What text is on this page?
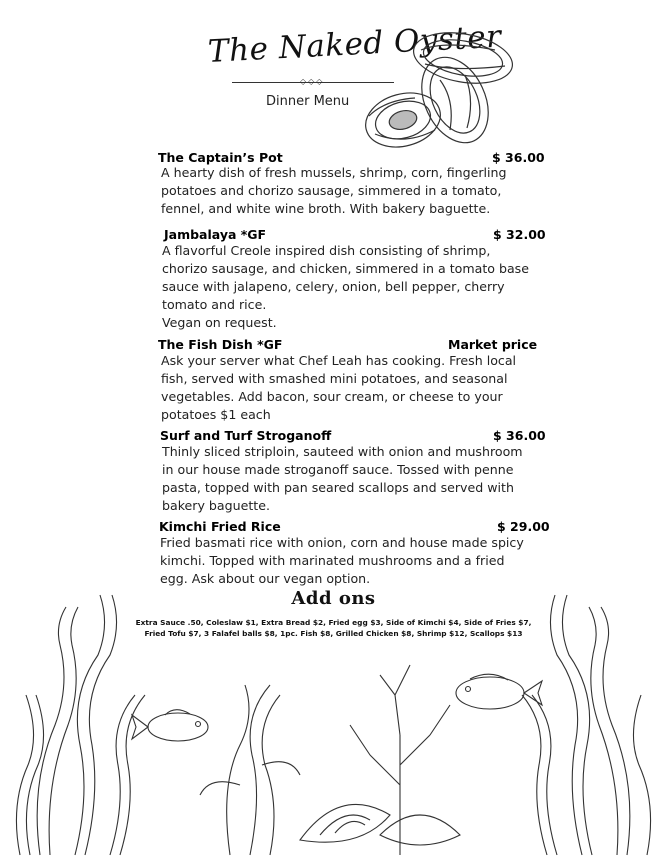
The Naked Oyster
◇◇◇
Dinner Menu
The Captain’s Pot	$ 36.00
A hearty dish of fresh mussels, shrimp, corn, fingerling
potatoes and chorizo sausage, simmered in a tomato,
fennel, and white wine broth. With bakery baguette.
Jambalaya *GF	$ 32.00
A flavorful Creole inspired dish consisting of shrimp,
chorizo sausage, and chicken, simmered in a tomato base
sauce with jalapeno, celery, onion, bell pepper, cherry
tomato and rice.
Vegan on request.
The Fish Dish *GF	Market price
Ask your server what Chef Leah has cooking. Fresh local
fish, served with smashed mini potatoes, and seasonal
vegetables. Add bacon, sour cream, or cheese to your
potatoes $1 each
Surf and Turf Stroganoff	$ 36.00
Thinly sliced striploin, sauteed with onion and mushroom
in our house made stroganoff sauce. Tossed with penne
pasta, topped with pan seared scallops and served with
bakery baguette.
Kimchi Fried Rice	$ 29.00
Fried basmati rice with onion, corn and house made spicy
kimchi. Topped with marinated mushrooms and a fried
egg. Ask about our vegan option.
Add ons
Extra Sauce .50, Coleslaw $1, Extra Bread $2, Fried egg $3, Side of Kimchi $4, Side of Fries $7,
Fried Tofu $7, 3 Falafel balls $8, 1pc. Fish $8, Grilled Chicken $8, Shrimp $12, Scallops $13
